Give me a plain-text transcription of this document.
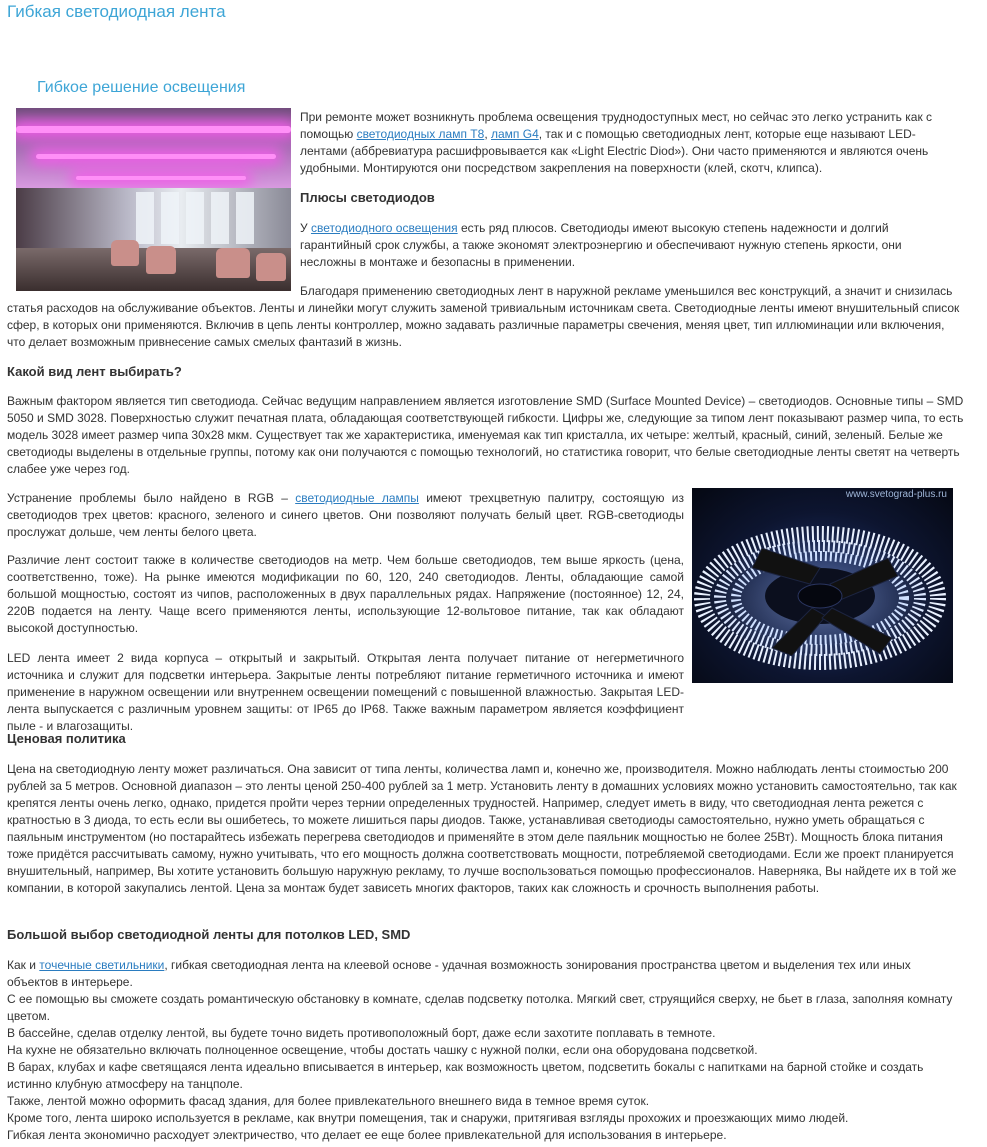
Гибкая светодиодная лента
Гибкое решение освещения

При ремонте может возникнуть проблема освещения труднодоступных мест, но сейчас это легко устранить как с помощью светодиодных ламп T8, ламп G4, так и с помощью светодиодных лент, которые еще называют LED-лентами (аббревиатура расшифровывается как «Light Electric Diod»). Они часто применяются и являются очень удобными. Монтируются они посредством закрепления на поверхности (клей, скотч, клипса).

Плюсы светодиодов

У светодиодного освещения есть ряд плюсов. Светодиоды имеют высокую степень надежности и долгий гарантийный срок службы, а также экономят электроэнергию и обеспечивают нужную степень яркости, они несложны в монтаже и безопасны в применении.

Благодаря применению светодиодных лент в наружной рекламе уменьшился вес конструкций, а значит и снизилась статья расходов на обслуживание объектов. Ленты и линейки могут служить заменой тривиальным источникам света. Светодиодные ленты имеют внушительный список сфер, в которых они применяются. Включив в цепь ленты контроллер, можно задавать различные параметры свечения, меняя цвет, тип иллюминации или включения, что делает возможным привнесение самых смелых фантазий в жизнь.

Какой вид лент выбирать?

Важным фактором является тип светодиода. Сейчас ведущим направлением является изготовление SMD (Surface Mounted Device) – светодиодов. Основные типы – SMD 5050 и SMD 3028. Поверхностью служит печатная плата, обладающая соответствующей гибкости. Цифры же, следующие за типом лент показывают размер чипа, то есть модель 3028 имеет размер чипа 30x28 мкм. Существует так же характеристика, именуемая как тип кристалла, их четыре: желтый, красный, синий, зеленый. Белые же светодиоды выделены в отдельные группы, потому как они получаются с помощью технологий, но статистика говорит, что белые светодиодные ленты светят на четверть слабее уже через год.

www.svetograd-plus.ru

Устранение проблемы было найдено в RGB – светодиодные лампы имеют трехцветную палитру, состоящую из светодиодов трех цветов: красного, зеленого и синего цветов. Они позволяют получать белый цвет. RGB-светодиоды прослужат дольше, чем ленты белого цвета.

Различие лент состоит также в количестве светодиодов на метр. Чем больше светодиодов, тем выше яркость (цена, соответственно, тоже). На рынке имеются модификации по 60, 120, 240 светодиодов. Ленты, обладающие самой большой мощностью, состоят из чипов, расположенных в двух параллельных рядах. Напряжение (постоянное) 12, 24, 220В подается на ленту. Чаще всего применяются ленты, использующие 12-вольтовое питание, так как обладают высокой доступностью.

LED лента имеет 2 вида корпуса – открытый и закрытый. Открытая лента получает питание от негерметичного источника и служит для подсветки интерьера. Закрытые ленты потребляют питание герметичного источника и имеют применение в наружном освещении или внутреннем освещении помещений с повышенной влажностью. Закрытая LED-лента выпускается с различным уровнем защиты: от IP65 до IP68. Также важным параметром является коэффициент пыле - и влагозащиты.

Ценовая политика

Цена на светодиодную ленту может различаться. Она зависит от типа ленты, количества ламп и, конечно же, производителя. Можно наблюдать ленты стоимостью 200 рублей за 5 метров. Основной диапазон – это ленты ценой 250-400 рублей за 1 метр. Установить ленту в домашних условиях можно установить самостоятельно, так как крепятся ленты очень легко, однако, придется пройти через тернии определенных трудностей. Например, следует иметь в виду, что светодиодная лента режется с кратностью в 3 диода, то есть если вы ошибетесь, то можете лишиться пары диодов. Также, устанавливая светодиоды самостоятельно, нужно уметь обращаться с паяльным инструментом (но постарайтесь избежать перегрева светодиодов и применяйте в этом деле паяльник мощностью не более 25Вт). Мощность блока питания тоже придётся рассчитывать самому, нужно учитывать, что его мощность должна соответствовать мощности, потребляемой светодиодами. Если же проект планируется внушительный, например, Вы хотите установить большую наружную рекламу, то лучше воспользоваться помощью профессионалов. Наверняка, Вы найдете их в той же компании, в которой закупались лентой. Цена за монтаж будет зависеть многих факторов, таких как сложность и срочность выполнения работы.

Большой выбор светодиодной ленты для потолков LED, SMD

Как и точечные светильники, гибкая светодиодная лента на клеевой основе - удачная возможность зонирования пространства цветом и выделения тех или иных объектов в интерьере.

С ее помощью вы сможете создать романтическую обстановку в комнате, сделав подсветку потолка. Мягкий свет, струящийся сверху, не бьет в глаза, заполняя комнату цветом.

В бассейне, сделав отделку лентой, вы будете точно видеть противоположный борт, даже если захотите поплавать в темноте.

На кухне не обязательно включать полноценное освещение, чтобы достать чашку с нужной полки, если она оборудована подсветкой.

В барах, клубах и кафе светящаяся лента идеально вписывается в интерьер, как возможность цветом, подсветить бокалы с напитками на барной стойке и создать истинно клубную атмосферу на танцполе.

Также, лентой можно оформить фасад здания, для более привлекательного внешнего вида в темное время суток.

Кроме того, лента широко используется в рекламе, как внутри помещения, так и снаружи, притягивая взгляды прохожих и проезжающих мимо людей.

Гибкая лента экономично расходует электричество, что делает ее еще более привлекательной для использования в интерьере.
